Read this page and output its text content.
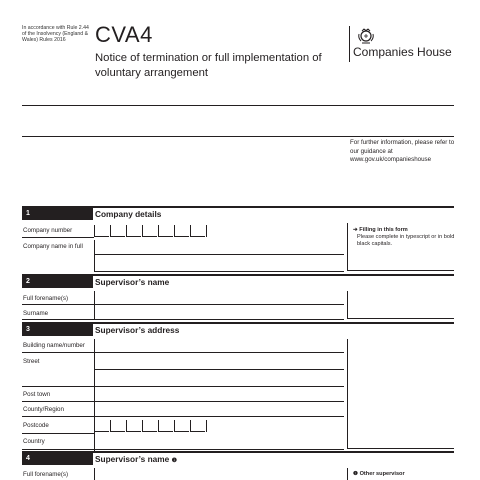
In accordance with Rule 2.44 of the Insolvency (England & Wales) Rules 2016	CVA4
Notice of termination or full implementation of voluntary arrangement
Companies House
For further information, please refer to our guidance at www.gov.uk/companieshouse
1	Company details
Company number
Company name in full
➔ Filling in this form
Please complete in typescript or in bold black capitals.
2	Supervisor’s name
Full forename(s)
Surname
3	Supervisor’s address
Building name/number
Street
Post town
County/Region
Postcode
Country
4	Supervisor’s name ❶
Full forename(s)	❶ Other supervisor
